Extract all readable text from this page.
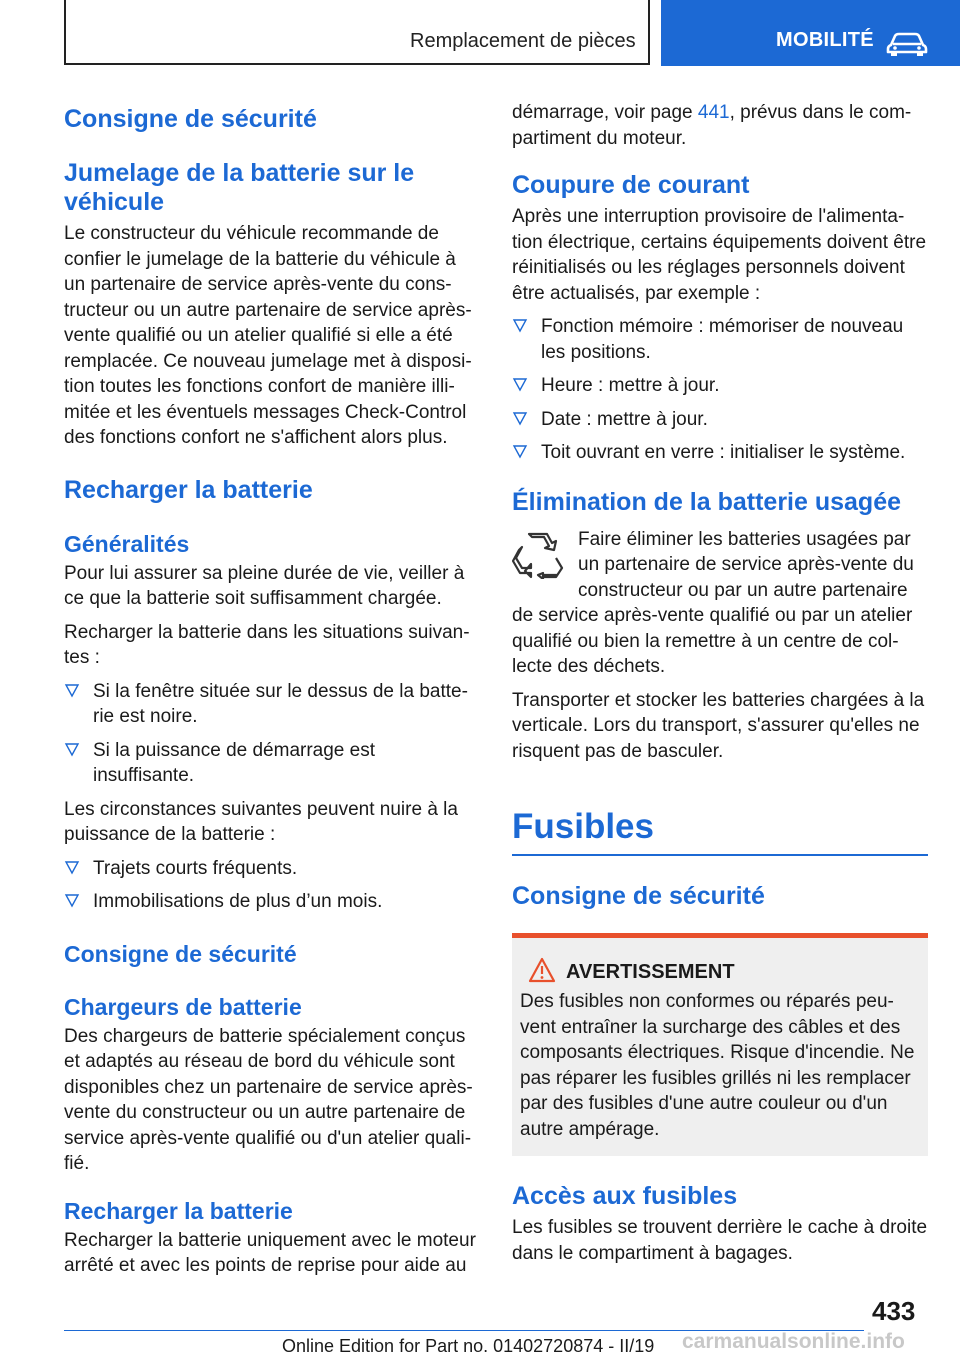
Remplacement de pièces	MOBILITÉ
Consigne de sécurité
Jumelage de la batterie sur le véhicule

Le constructeur du véhicule recommande de confier le jumelage de la batterie du véhicule à un partenaire de service après-vente du constructeur ou un autre partenaire de service après-vente qualifié ou un atelier qualifié si elle a été remplacée. Ce nouveau jumelage met à disposition toutes les fonctions confort de manière illimitée et les éventuels messages Check-Control des fonctions confort ne s'affichent alors plus.

Recharger la batterie
Généralités

Pour lui assurer sa pleine durée de vie, veiller à ce que la batterie soit suffisamment chargée.

Recharger la batterie dans les situations suivantes :

Si la fenêtre située sur le dessus de la batterie est noire.
Si la puissance de démarrage est insuffisante.

Les circonstances suivantes peuvent nuire à la puissance de la batterie :

Trajets courts fréquents.
Immobilisations de plus d’un mois.
Consigne de sécurité
Chargeurs de batterie

Des chargeurs de batterie spécialement conçus et adaptés au réseau de bord du véhicule sont disponibles chez un partenaire de service après-vente du constructeur ou un autre partenaire de service après-vente qualifié ou d'un atelier qualifié.

Recharger la batterie

Recharger la batterie uniquement avec le moteur arrêté et avec les points de reprise pour aide au

démarrage, voir page 441, prévus dans le compartiment du moteur.

Coupure de courant

Après une interruption provisoire de l'alimentation électrique, certains équipements doivent être réinitialisés ou les réglages personnels doivent être actualisés, par exemple :

Fonction mémoire : mémoriser de nouveau les positions.
Heure : mettre à jour.
Date : mettre à jour.
Toit ouvrant en verre : initialiser le système.
Élimination de la batterie usagée

Faire éliminer les batteries usagées par un partenaire de service après-vente du constructeur ou par un autre partenaire de service après-vente qualifié ou par un atelier qualifié ou bien la remettre à un centre de collecte des déchets.

Transporter et stocker les batteries chargées à la verticale. Lors du transport, s'assurer qu'elles ne risquent pas de basculer.

Fusibles
Consigne de sécurité
AVERTISSEMENT

Des fusibles non conformes ou réparés peuvent entraîner la surcharge des câbles et des composants électriques. Risque d'incendie. Ne pas réparer les fusibles grillés ni les remplacer par des fusibles d'une autre couleur ou d'un autre ampérage.

Accès aux fusibles

Les fusibles se trouvent derrière le cache à droite dans le compartiment à bagages.

433
Online Edition for Part no. 01402720874 - II/19 carmanualsonline.info
